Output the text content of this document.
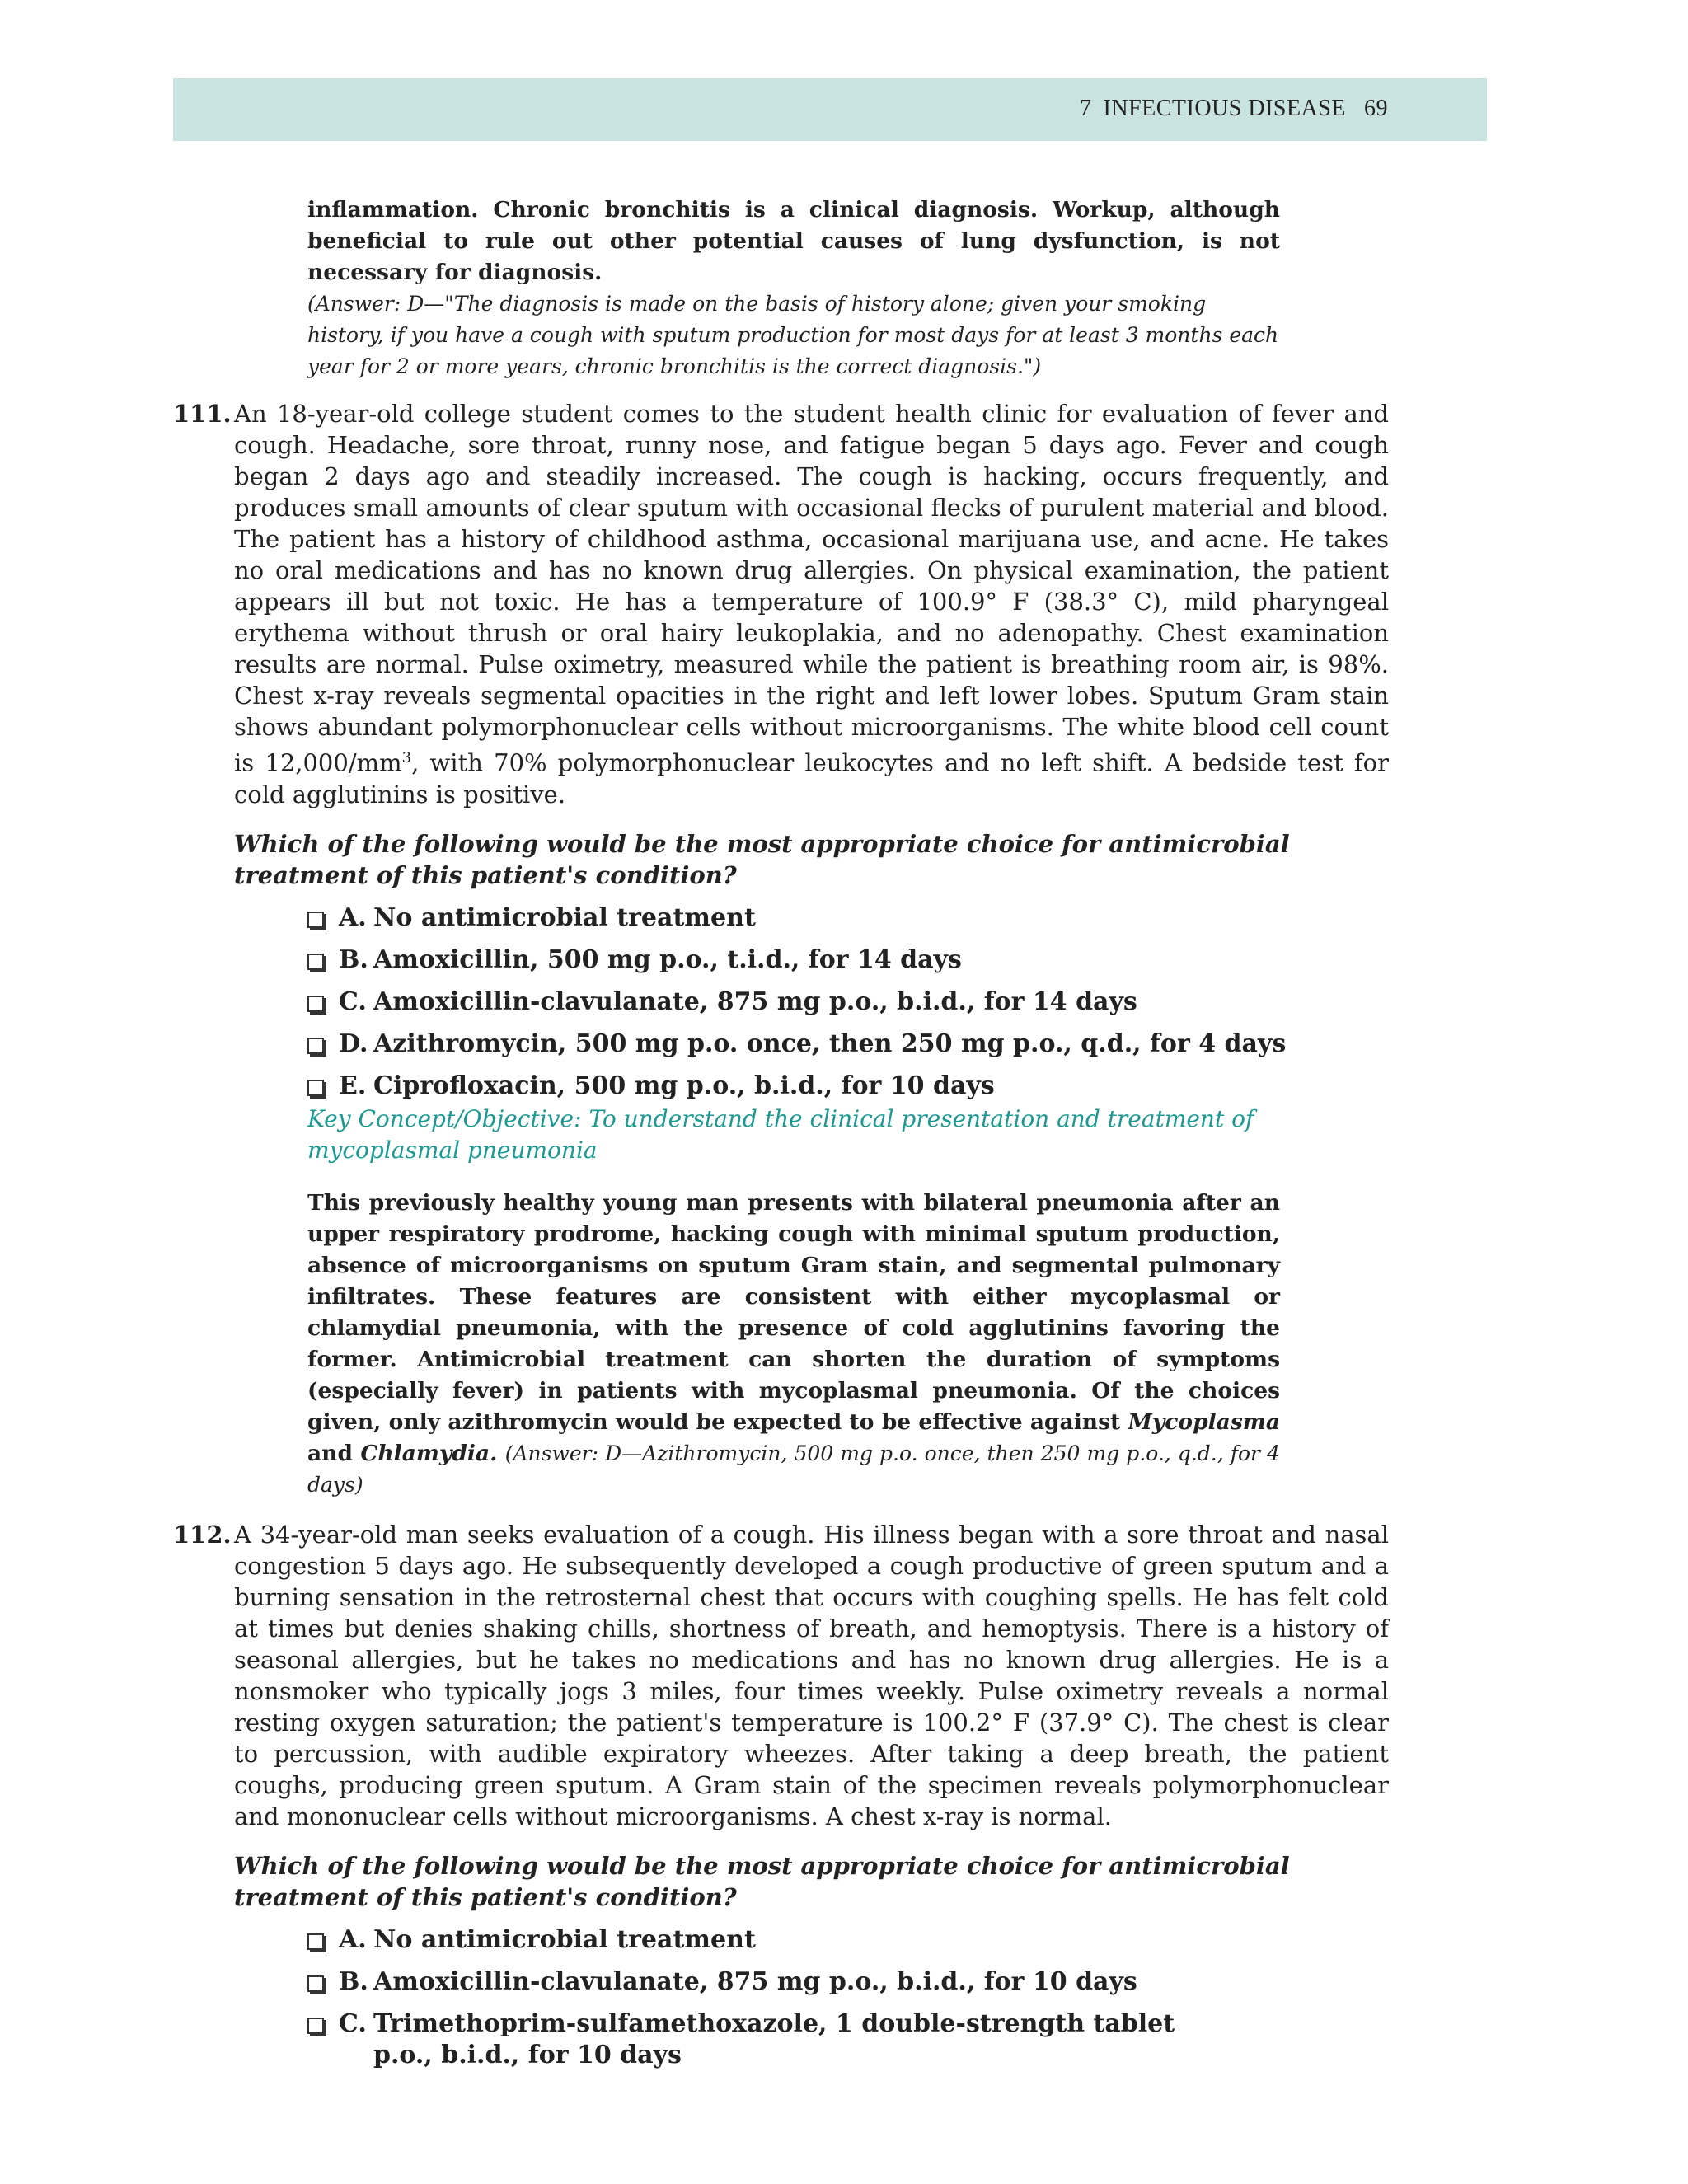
7 INFECTIOUS DISEASE 69

inflammation. Chronic bronchitis is a clinical diagnosis. Workup, although beneficial to rule out other potential causes of lung dysfunction, is not necessary for diagnosis.

(Answer: D—"The diagnosis is made on the basis of history alone; given your smoking history, if you have a cough with sputum production for most days for at least 3 months each year for 2 or more years, chronic bronchitis is the correct diagnosis.")

111. An 18-year-old college student comes to the student health clinic for evaluation of fever and cough. Headache, sore throat, runny nose, and fatigue began 5 days ago. Fever and cough began 2 days ago and steadily increased. The cough is hacking, occurs frequently, and produces small amounts of clear sputum with occasional flecks of purulent material and blood. The patient has a history of childhood asthma, occasional marijuana use, and acne. He takes no oral medications and has no known drug allergies. On physical examination, the patient appears ill but not toxic. He has a temperature of 100.9° F (38.3° C), mild pharyngeal erythema without thrush or oral hairy leukoplakia, and no adenopathy. Chest examination results are normal. Pulse oximetry, measured while the patient is breathing room air, is 98%. Chest x-ray reveals segmental opacities in the right and left lower lobes. Sputum Gram stain shows abundant polymorphonuclear cells without microorganisms. The white blood cell count is $12,000/mm^3$, with 70% polymorphonuclear leukocytes and no left shift. A bedside test for cold agglutinins is positive.

Which of the following would be the most appropriate choice for antimicrobial treatment of this patient's condition?

A. No antimicrobial treatment
B. Amoxicillin, 500 mg p.o., t.i.d., for 14 days
C. Amoxicillin-clavulanate, 875 mg p.o., b.i.d., for 14 days
D. Azithromycin, 500 mg p.o. once, then 250 mg p.o., q.d., for 4 days
E. Ciprofloxacin, 500 mg p.o., b.i.d., for 10 days

Key Concept/Objective: To understand the clinical presentation and treatment of mycoplasmal pneumonia

This previously healthy young man presents with bilateral pneumonia after an upper respiratory prodrome, hacking cough with minimal sputum production, absence of microorganisms on sputum Gram stain, and segmental pulmonary infiltrates. These features are consistent with either mycoplasmal or chlamydial pneumonia, with the presence of cold agglutinins favoring the former. Antimicrobial treatment can shorten the duration of symptoms (especially fever) in patients with mycoplasmal pneumonia. Of the choices given, only azithromycin would be expected to be effective against Mycoplasma and Chlamydia. (Answer: D—Azithromycin, 500 mg p.o. once, then 250 mg p.o., q.d., for 4 days)

112. A 34-year-old man seeks evaluation of a cough. His illness began with a sore throat and nasal congestion 5 days ago. He subsequently developed a cough productive of green sputum and a burning sensation in the retrosternal chest that occurs with coughing spells. He has felt cold at times but denies shaking chills, shortness of breath, and hemoptysis. There is a history of seasonal allergies, but he takes no medications and has no known drug allergies. He is a nonsmoker who typically jogs 3 miles, four times weekly. Pulse oximetry reveals a normal resting oxygen saturation; the patient's temperature is 100.2° F (37.9° C). The chest is clear to percussion, with audible expiratory wheezes. After taking a deep breath, the patient coughs, producing green sputum. A Gram stain of the specimen reveals polymorphonuclear and mononuclear cells without microorganisms. A chest x-ray is normal.

Which of the following would be the most appropriate choice for antimicrobial treatment of this patient's condition?

A. No antimicrobial treatment
B. Amoxicillin-clavulanate, 875 mg p.o., b.i.d., for 10 days
C. Trimethoprim-sulfamethoxazole, 1 double-strength tablet p.o., b.i.d., for 10 days
